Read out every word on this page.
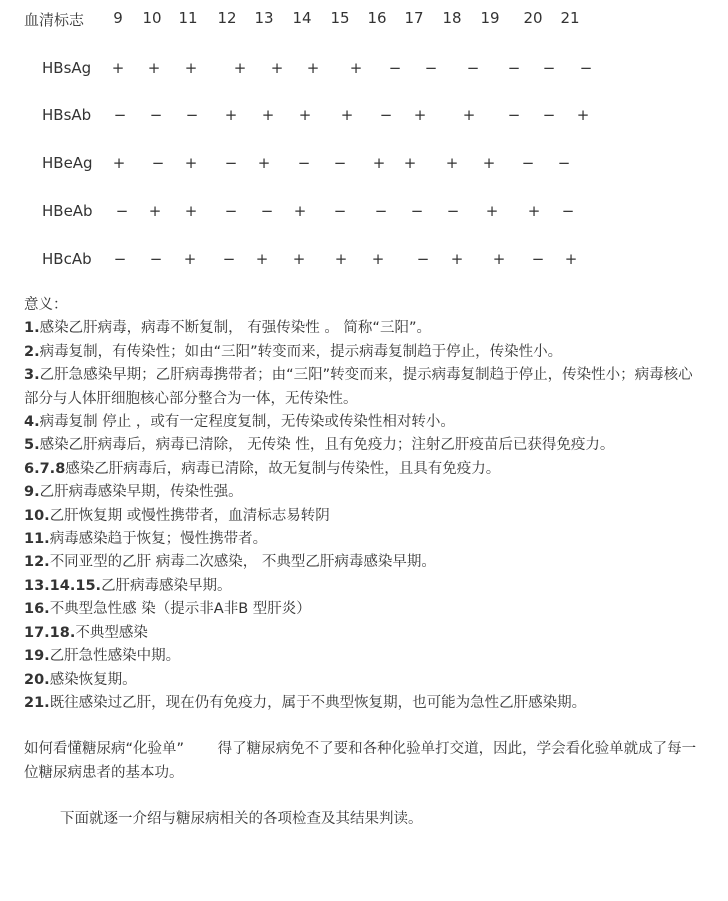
血清标志 9 10 11 12 13 14 15 16 17 18 19 20 21
HBsAg + + + + + + + − − − − − −
HBsAb − − − + + + + − + + − − +
HBeAg + − + − + − − + + + + − −
HBeAb − + + − − + − − − − + + −
HBcAb − − + − + + + + − + + − +

意义：

1.感染乙肝病毒，病毒不断复制， 有强传染性 。 简称“三阳”。

2.病毒复制，有传染性；如由“三阳”转变而来，提示病毒复制趋于停止，传染性小。

3.乙肝急感染早期；乙肝病毒携带者；由“三阳”转变而来，提示病毒复制趋于停止，传染性小；病毒核心部分与人体肝细胞核心部分整合为一体，无传染性。

4.病毒复制 停止 ，或有一定程度复制，无传染或传染性相对转小。

5.感染乙肝病毒后，病毒已清除， 无传染 性，且有免疫力；注射乙肝疫苗后已获得免疫力。

6.7.8感染乙肝病毒后，病毒已清除，故无复制与传染性，且具有免疫力。

9.乙肝病毒感染早期，传染性强。

10.乙肝恢复期 或慢性携带者，血清标志易转阴

11.病毒感染趋于恢复；慢性携带者。

12.不同亚型的乙肝 病毒二次感染， 不典型乙肝病毒感染早期。

13.14.15.乙肝病毒感染早期。

16.不典型急性感 染（提示非A非B 型肝炎）

17.18.不典型感染

19.乙肝急性感染中期。

20.感染恢复期。

21.既往感染过乙肝，现在仍有免疫力，属于不典型恢复期，也可能为急性乙肝感染期。

如何看懂糖尿病“化验单”　　 得了糖尿病免不了要和各种化验单打交道，因此，学会看化验单就成了每一位糖尿病患者的基本功。

下面就逐一介绍与糖尿病相关的各项检查及其结果判读。
